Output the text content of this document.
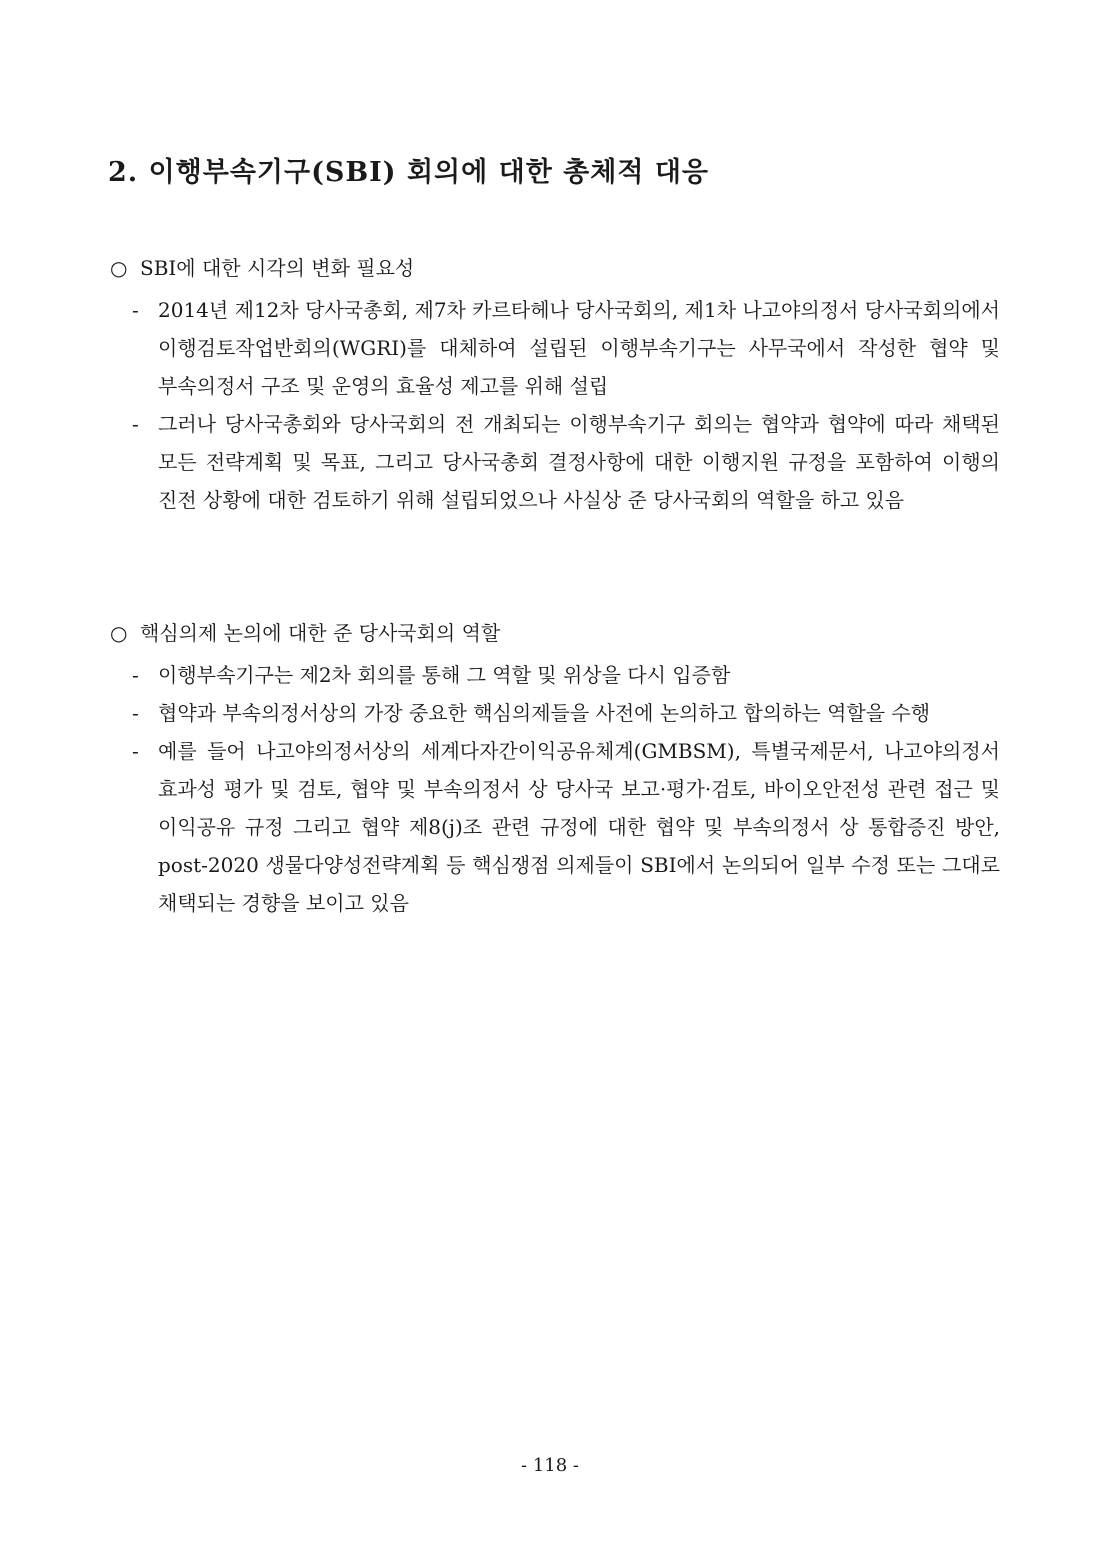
2. 이행부속기구(SBI) 회의에 대한 총체적 대응
○ SBI에 대한 시각의 변화 필요성
- 2014년 제12차 당사국총회, 제7차 카르타헤나 당사국회의, 제1차 나고야의정서 당사국회의에서 이행검토작업반회의(WGRI)를 대체하여 설립된 이행부속기구는 사무국에서 작성한 협약 및 부속의정서 구조 및 운영의 효율성 제고를 위해 설립
- 그러나 당사국총회와 당사국회의 전 개최되는 이행부속기구 회의는 협약과 협약에 따라 채택된 모든 전략계획 및 목표, 그리고 당사국총회 결정사항에 대한 이행지원 규정을 포함하여 이행의 진전 상황에 대한 검토하기 위해 설립되었으나 사실상 준 당사국회의 역할을 하고 있음
○ 핵심의제 논의에 대한 준 당사국회의 역할
- 이행부속기구는 제2차 회의를 통해 그 역할 및 위상을 다시 입증함
- 협약과 부속의정서상의 가장 중요한 핵심의제들을 사전에 논의하고 합의하는 역할을 수행
- 예를 들어 나고야의정서상의 세계다자간이익공유체계(GMBSM), 특별국제문서, 나고야의정서 효과성 평가 및 검토, 협약 및 부속의정서 상 당사국 보고·평가·검토, 바이오안전성 관련 접근 및 이익공유 규정 그리고 협약 제8(j)조 관련 규정에 대한 협약 및 부속의정서 상 통합증진 방안, post-2020 생물다양성전략계획 등 핵심쟁점 의제들이 SBI에서 논의되어 일부 수정 또는 그대로 채택되는 경향을 보이고 있음
- 118 -
